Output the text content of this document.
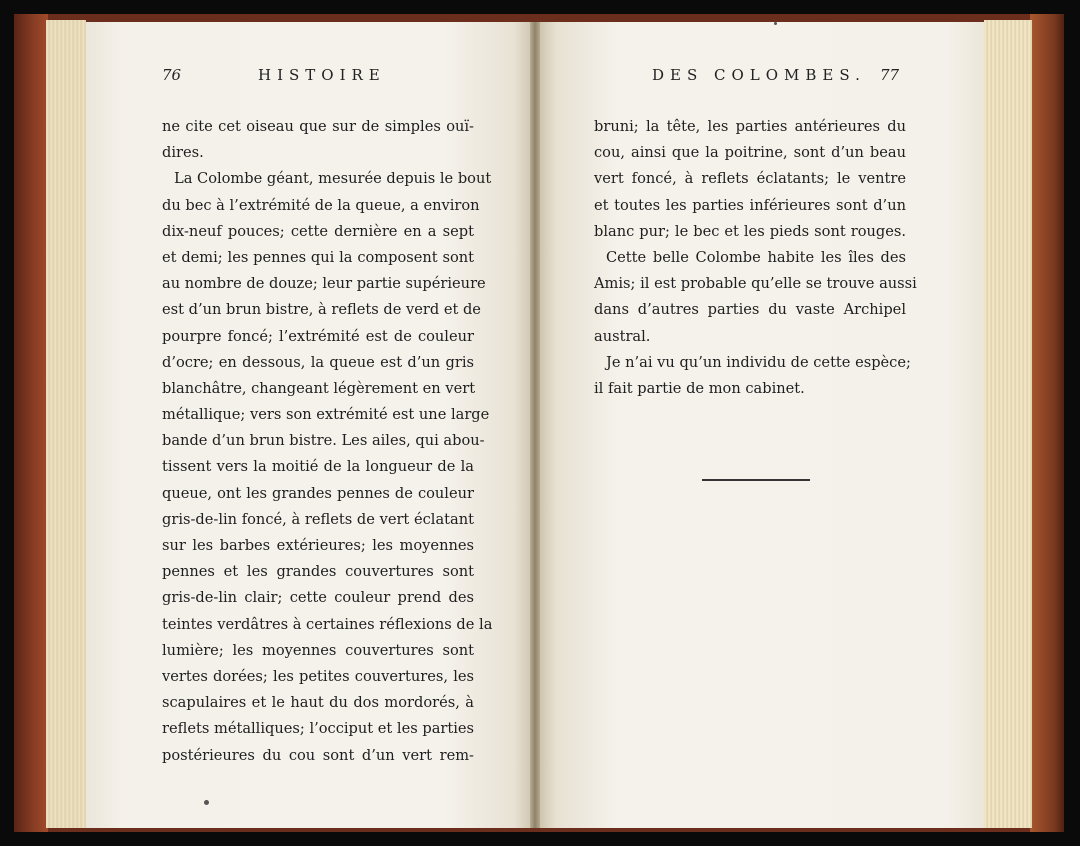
76	HISTOIRE	DES COLOMBES. 77
ne cite cet oiseau que sur de simples ouï-
dires.
La Colombe géant, mesurée depuis le bout
du bec à l’extrémité de la queue, a environ
dix-neuf pouces; cette dernière en a sept
et demi; les pennes qui la composent sont
au nombre de douze; leur partie supérieure
est d’un brun bistre, à reflets de verd et de
pourpre foncé; l’extrémité est de couleur
d’ocre; en dessous, la queue est d’un gris
blanchâtre, changeant légèrement en vert
métallique; vers son extrémité est une large
bande d’un brun bistre. Les ailes, qui abou-
tissent vers la moitié de la longueur de la
queue, ont les grandes pennes de couleur
gris-de-lin foncé, à reflets de vert éclatant
sur les barbes extérieures; les moyennes
pennes et les grandes couvertures sont
gris-de-lin clair; cette couleur prend des
teintes verdâtres à certaines réflexions de la
lumière; les moyennes couvertures sont
vertes dorées; les petites couvertures, les
scapulaires et le haut du dos mordorés, à
reflets métalliques; l’occiput et les parties
postérieures du cou sont d’un vert rem-
bruni; la tête, les parties antérieures du
cou, ainsi que la poitrine, sont d’un beau
vert foncé, à reflets éclatants; le ventre
et toutes les parties inférieures sont d’un
blanc pur; le bec et les pieds sont rouges.
Cette belle Colombe habite les îles des
Amis; il est probable qu’elle se trouve aussi
dans d’autres parties du vaste Archipel
austral.
Je n’ai vu qu’un individu de cette espèce;
il fait partie de mon cabinet.
